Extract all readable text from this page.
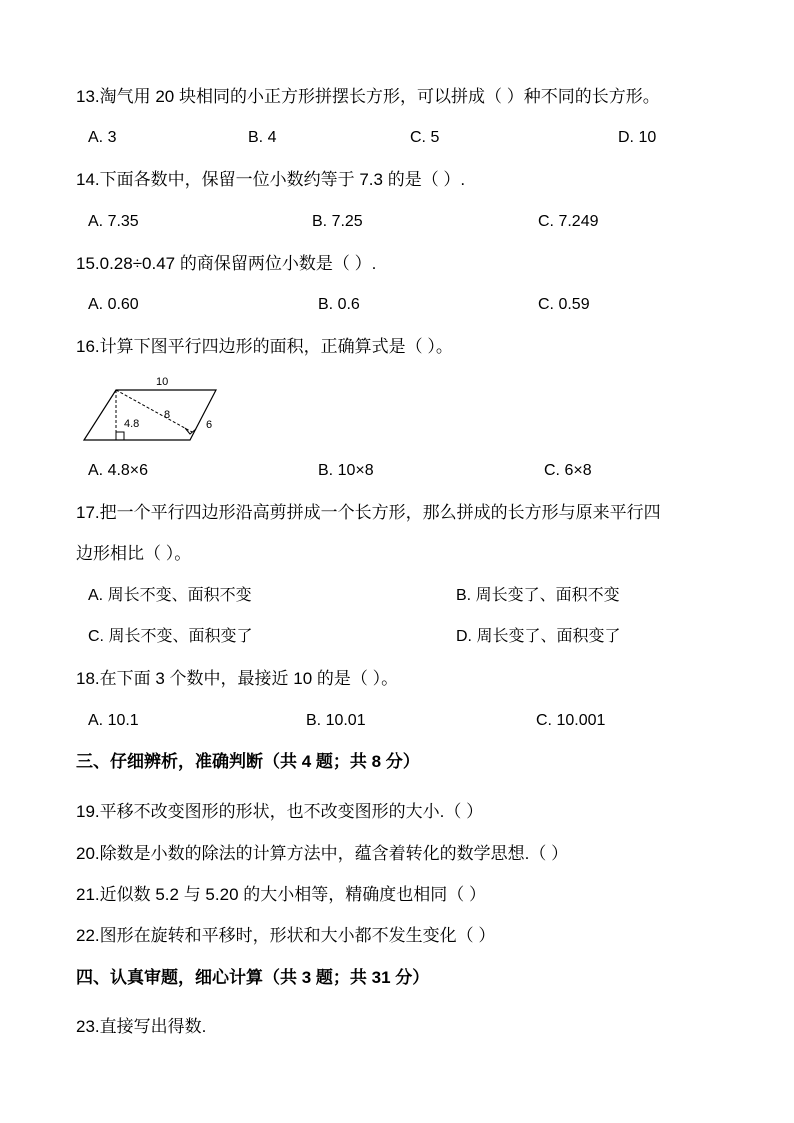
13.淘气用 20 块相同的小正方形拼摆长方形，可以拼成（ ）种不同的长方形。
A. 3	B. 4	C. 5	D. 10
14.下面各数中，保留一位小数约等于 7.3 的是（ ）.
A. 7.35	B. 7.25	C. 7.249
15.0.28÷0.47 的商保留两位小数是（ ）.
A. 0.60	B. 0.6	C. 0.59
16.计算下图平行四边形的面积，正确算式是（ ）。
10
8
4.8	6
A. 4.8×6	B. 10×8	C. 6×8
17.把一个平行四边形沿高剪拼成一个长方形，那么拼成的长方形与原来平行四
边形相比（ ）。
A. 周长不变、面积不变	B. 周长变了、面积不变
C. 周长不变、面积变了	D. 周长变了、面积变了
18.在下面 3 个数中，最接近 10 的是（ ）。
A. 10.1	B. 10.01	C. 10.001
三、仔细辨析，准确判断（共 4 题；共 8 分）
19.平移不改变图形的形状，也不改变图形的大小.（ ）
20.除数是小数的除法的计算方法中，蕴含着转化的数学思想.（ ）
21.近似数 5.2 与 5.20 的大小相等，精确度也相同（ ）
22.图形在旋转和平移时，形状和大小都不发生变化（ ）
四、认真审题，细心计算（共 3 题；共 31 分）
23.直接写出得数.
